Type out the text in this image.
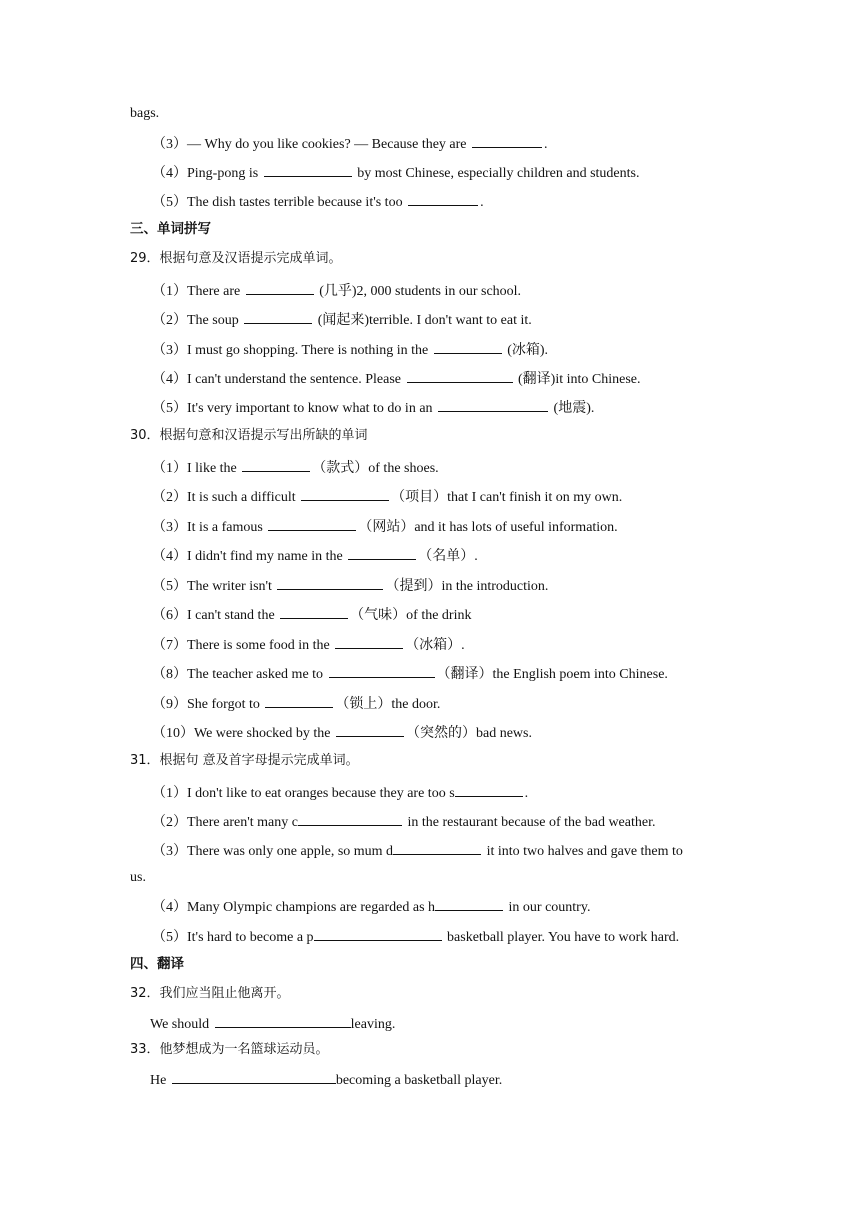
bags.
（3）— Why do you like cookies? — Because they are	.
（4）Ping-pong is	by most Chinese, especially children and students.
（5）The dish tastes terrible because it's too	.
三、单词拼写
29．根据句意及汉语提示完成单词。
（1）There are	(几乎)2, 000 students in our school.
（2）The soup	(闻起来)terrible. I don't want to eat it.
（3）I must go shopping. There is nothing in the	(冰箱).
（4）I can't understand the sentence. Please	(翻译)it into Chinese.
（5）It's very important to know what to do in an	(地震).
30．根据句意和汉语提示写出所缺的单词
（1）I like the	（款式）of the shoes.
（2）It is such a difficult	（项目）that I can't finish it on my own.
（3）It is a famous	（网站）and it has lots of useful information.
（4）I didn't find my name in the	（名单）.
（5）The writer isn't	（提到）in the introduction.
（6）I can't stand the	（气味）of the drink
（7）There is some food in the	（冰箱）.
（8）The teacher asked me to	（翻译）the English poem into Chinese.
（9）She forgot to	（锁上）the door.
（10）We were shocked by the	（突然的）bad news.
31．根据句 意及首字母提示完成单词。
（1）I don't like to eat oranges because they are too s	.
（2）There aren't many c	in the restaurant because of the bad weather.
（3）There was only one apple, so mum d	it into two halves and gave them to
us.
（4）Many Olympic champions are regarded as h	in our country.
（5）It's hard to become a p	basketball player. You have to work hard.
四、翻译
32．我们应当阻止他离开。
We should	leaving.
33．他梦想成为一名篮球运动员。
He	becoming a basketball player.
